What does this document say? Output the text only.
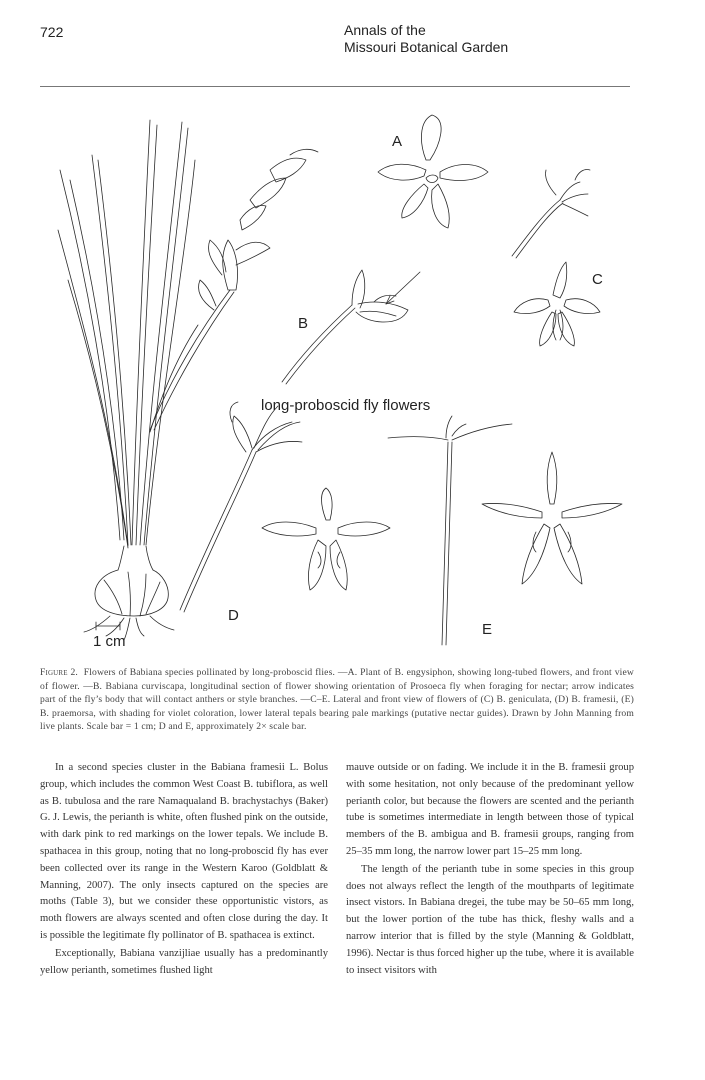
722	Annals of the
Missouri Botanical Garden
A
B
C
D
E
long-proboscid fly flowers
1 cm
Figure 2. Flowers of Babiana species pollinated by long-proboscid flies. —A. Plant of B. engysiphon, showing long-tubed flowers, and front view of flower. —B. Babiana curviscapa, longitudinal section of flower showing orientation of Prosoeca fly when foraging for nectar; arrow indicates part of the fly’s body that will contact anthers or style branches. —C–E. Lateral and front view of flowers of (C) B. geniculata, (D) B. framesii, (E) B. praemorsa, with shading for violet coloration, lower lateral tepals bearing pale markings (putative nectar guides). Drawn by John Manning from live plants. Scale bar = 1 cm; D and E, approximately 2× scale bar.

In a second species cluster in the Babiana framesii L. Bolus group, which includes the common West Coast B. tubiflora, as well as B. tubulosa and the rare Namaqualand B. brachystachys (Baker) G. J. Lewis, the perianth is white, often flushed pink on the outside, with dark pink to red markings on the lower tepals. We include B. spathacea in this group, noting that no long-proboscid fly has ever been collected over its range in the Western Karoo (Goldblatt & Manning, 2007). The only insects captured on the species are moths (Table 3), but we consider these opportunistic vistors, as moth flowers are always scented and often close during the day. It is possible the legitimate fly pollinator of B. spathacea is extinct.

Exceptionally, Babiana vanzijliae usually has a predominantly yellow perianth, sometimes flushed light

mauve outside or on fading. We include it in the B. framesii group with some hesitation, not only because of the predominant yellow perianth color, but because the flowers are scented and the perianth tube is sometimes intermediate in length between those of typical members of the B. ambigua and B. framesii groups, ranging from 25–35 mm long, the narrow lower part 15–25 mm long.

The length of the perianth tube in some species in this group does not always reflect the length of the mouthparts of legitimate insect vistors. In Babiana dregei, the tube may be 50–65 mm long, but the lower portion of the tube has thick, fleshy walls and a narrow interior that is filled by the style (Manning & Goldblatt, 1996). Nectar is thus forced higher up the tube, where it is available to insect visitors with
